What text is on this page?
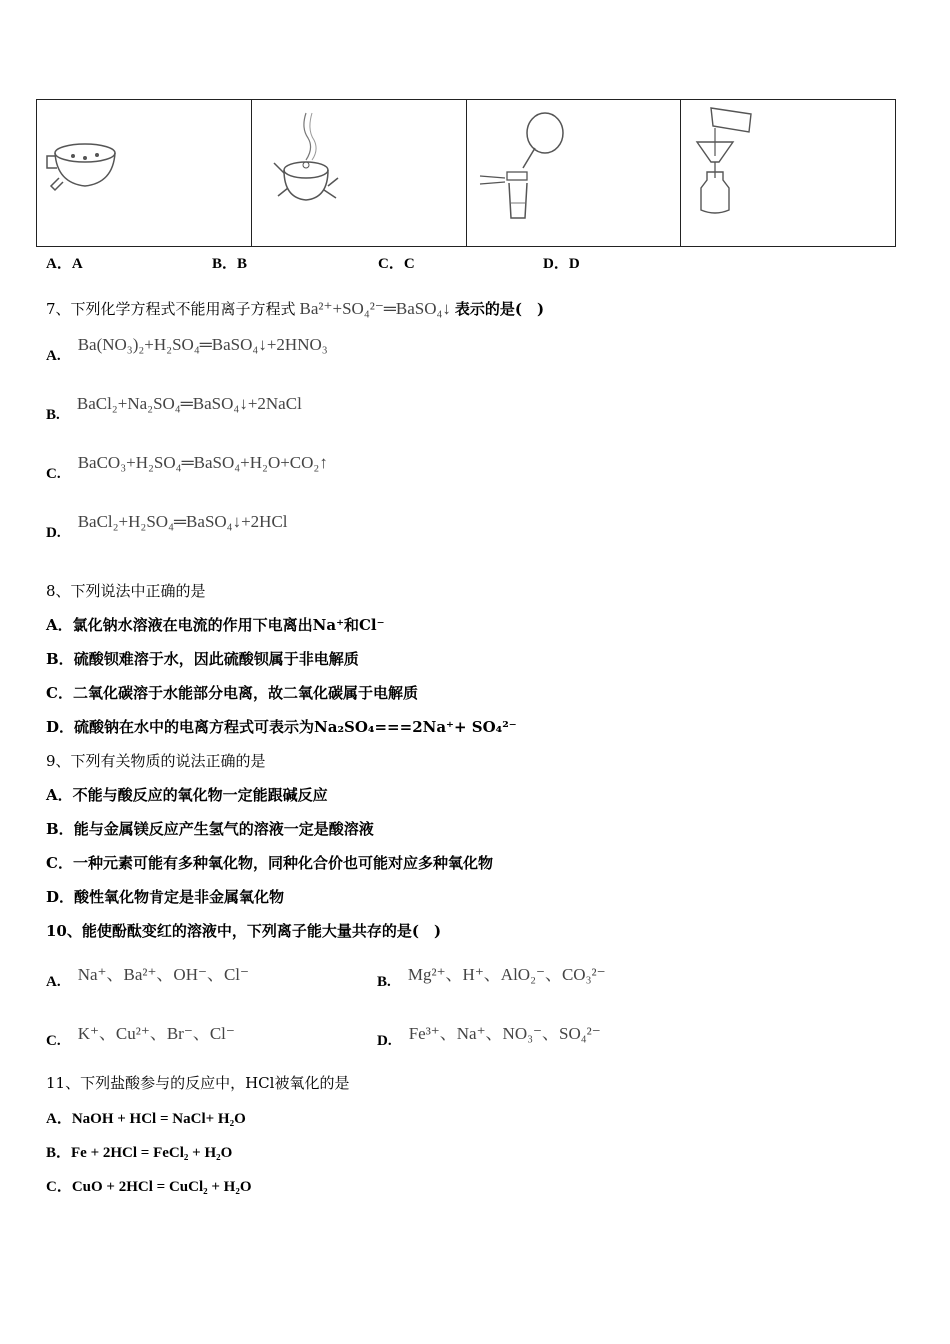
A．A	B．B	C．C	D．D
7、下列化学方程式不能用离子方程式 Ba²⁺+SO₄²⁻═BaSO₄↓ 表示的是(　)
A. Ba(NO₃)₂+H₂SO₄═BaSO₄↓+2HNO₃
B. BaCl₂+Na₂SO₄═BaSO₄↓+2NaCl
C. BaCO₃+H₂SO₄═BaSO₄+H₂O+CO₂↑
D. BaCl₂+H₂SO₄═BaSO₄↓+2HCl
8、下列说法中正确的是
A．氯化钠水溶液在电流的作用下电离出Na⁺和Cl⁻
B．硫酸钡难溶于水，因此硫酸钡属于非电解质
C．二氧化碳溶于水能部分电离，故二氧化碳属于电解质
D．硫酸钠在水中的电离方程式可表示为Na₂SO₄===2Na⁺+ SO₄²⁻
9、下列有关物质的说法正确的是
A．不能与酸反应的氧化物一定能跟碱反应
B．能与金属镁反应产生氢气的溶液一定是酸溶液
C．一种元素可能有多种氧化物，同种化合价也可能对应多种氧化物
D．酸性氧化物肯定是非金属氧化物
10、能使酚酞变红的溶液中，下列离子能大量共存的是(　)
A. Na⁺、Ba²⁺、OH⁻、Cl⁻	B. Mg²⁺、H⁺、AlO₂⁻、CO₃²⁻
C. K⁺、Cu²⁺、Br⁻、Cl⁻	D. Fe³⁺、Na⁺、NO₃⁻、SO₄²⁻
11、下列盐酸参与的反应中，HCl被氧化的是
A．NaOH + HCl = NaCl+ H₂O
B．Fe + 2HCl = FeCl₂ + H₂O
C．CuO + 2HCl = CuCl₂ + H₂O
